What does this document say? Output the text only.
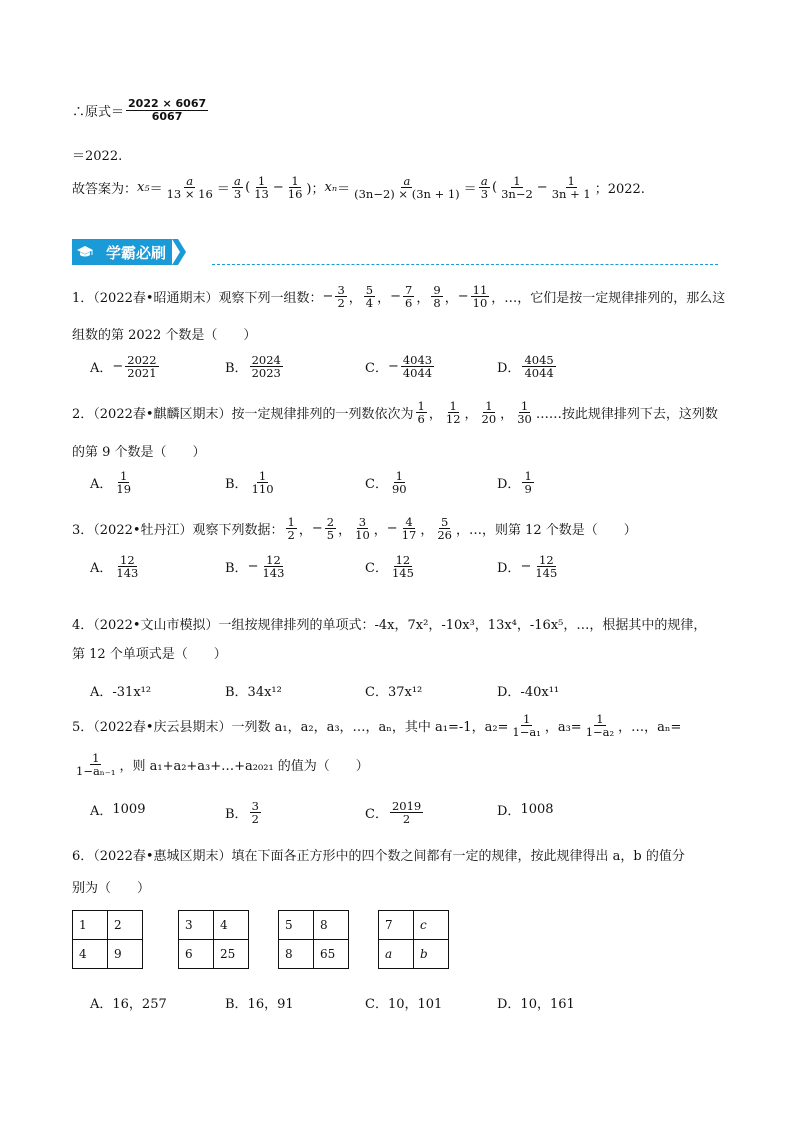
∴原式＝ $\frac{2022 \times 6067}{6067}$
＝2022.
故答案为： $x_5 = \frac{a}{13 \times 16} = \frac{a}{3}$ ( $\frac{1}{13} - \frac{1}{16}$ )； $x_n = \frac{a}{(3n-2) \times (3n + 1)} = \frac{a}{3}$ ( $\frac{1}{3n-2} - \frac{1}{3n + 1}$ ；2022.
学霸必刷
1．（2022春•昭通期末）观察下列一组数： − $\frac{3}{2}$ ， $\frac{5}{4}$ ， − $\frac{7}{6}$ ， $\frac{9}{8}$ ， − $\frac{11}{10}$ ，…，它们是按一定规律排列的，那么这
组数的第 2022 个数是（　　）
A． − $\frac{2022}{2021}$	B． $\frac{2024}{2023}$	C． − $\frac{4043}{4044}$	D． $\frac{4045}{4044}$
2．（2022春•麒麟区期末）按一定规律排列的一列数依次为 $\frac{1}{6}$ ， $\frac{1}{12}$ ， $\frac{1}{20}$ ， $\frac{1}{30}$ ……按此规律排列下去，这列数
的第 9 个数是（　　）
A． $\frac{1}{19}$	B． $\frac{1}{110}$	C． $\frac{1}{90}$	D． $\frac{1}{9}$
3．（2022•牡丹江）观察下列数据： $\frac{1}{2}$ ， − $\frac{2}{5}$ ， $\frac{3}{10}$ ， − $\frac{4}{17}$ ， $\frac{5}{26}$ ，…，则第 12 个数是（　　）
A． $\frac{12}{143}$	B． − $\frac{12}{143}$	C． $\frac{12}{145}$	D． − $\frac{12}{145}$
4．（2022•文山市模拟）一组按规律排列的单项式：-4x，7x²，-10x³，13x⁴，-16x⁵，…，根据其中的规律，
第 12 个单项式是（　　）
A．-31x¹²	B．34x¹²	C．37x¹²	D．-40x¹¹
5．（2022春•庆云县期末）一列数 a₁，a₂，a₃，…，aₙ，其中 a₁=-1，$a_2= \frac{1}{\text{1−a₁}}$ ，$a_3= \frac{1}{\text{1−a₂}}$ ，…，aₙ=
$\frac{1}{\text{1−aₙ₋₁}}$ ，则 a₁+a₂+a₃+…+a₂₀₂₁ 的值为（　　）
A． 1009	B． $\frac{3}{2}$	C． $\frac{2019}{2}$	D． 1008
6．（2022春•惠城区期末）填在下面各正方形中的四个数之间都有一定的规律，按此规律得出 a，b 的值分
1	2
4	9
3	4
6	25
5	8
8	65
7	c
a	b
A．16，257	B．16，91	C．10，101	D．10，161
别为（　　）
